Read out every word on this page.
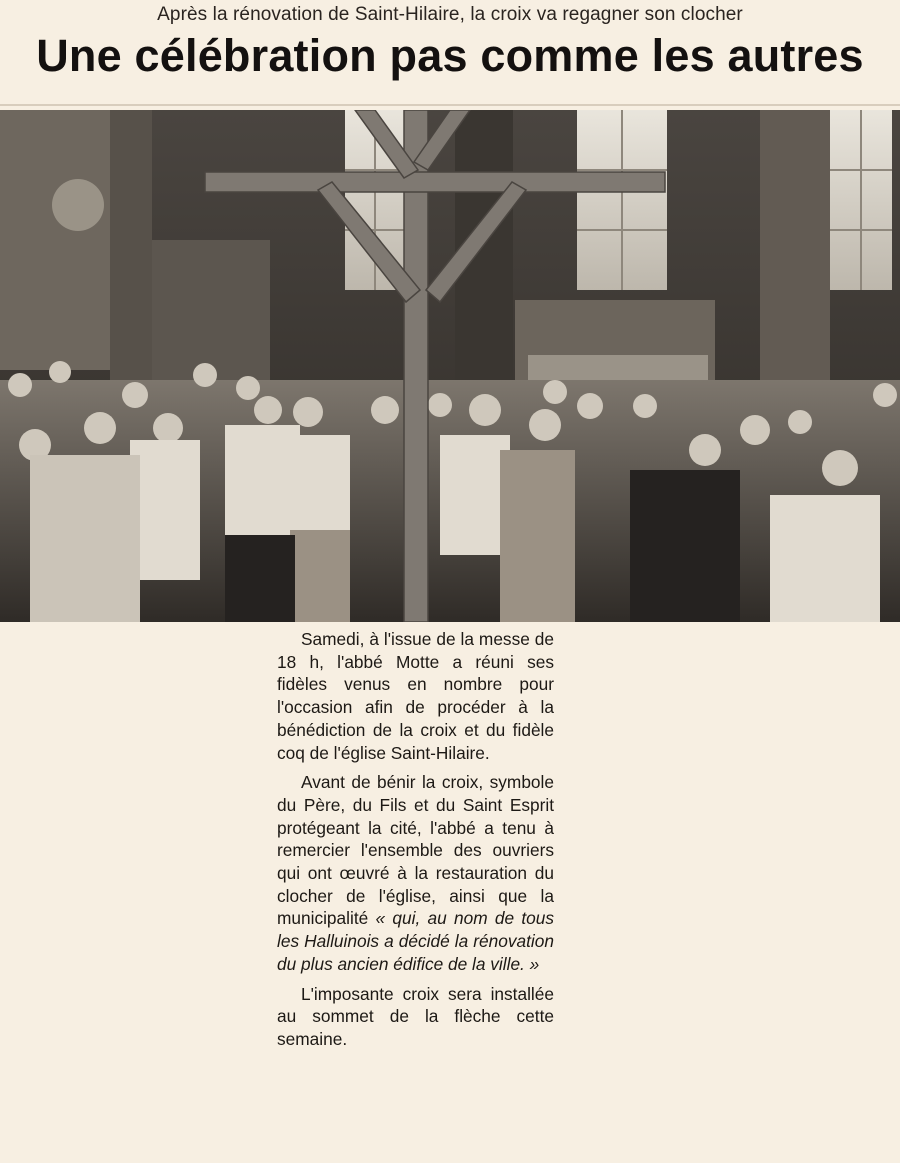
Après la rénovation de Saint-Hilaire, la croix va regagner son clocher
Une célébration pas comme les autres

Samedi, à l'issue de la messe de 18 h, l'abbé Motte a réuni ses fidèles venus en nombre pour l'occasion afin de procéder à la bénédiction de la croix et du fidèle coq de l'église Saint-Hilaire.

Avant de bénir la croix, symbole du Père, du Fils et du Saint Esprit protégeant la cité, l'abbé a tenu à remercier l'ensemble des ouvriers qui ont œuvré à la restauration du clocher de l'église, ainsi que la municipalité « qui, au nom de tous les Halluinois a décidé la rénovation du plus ancien édifice de la ville. »

L'imposante croix sera installée au sommet de la flèche cette semaine.
